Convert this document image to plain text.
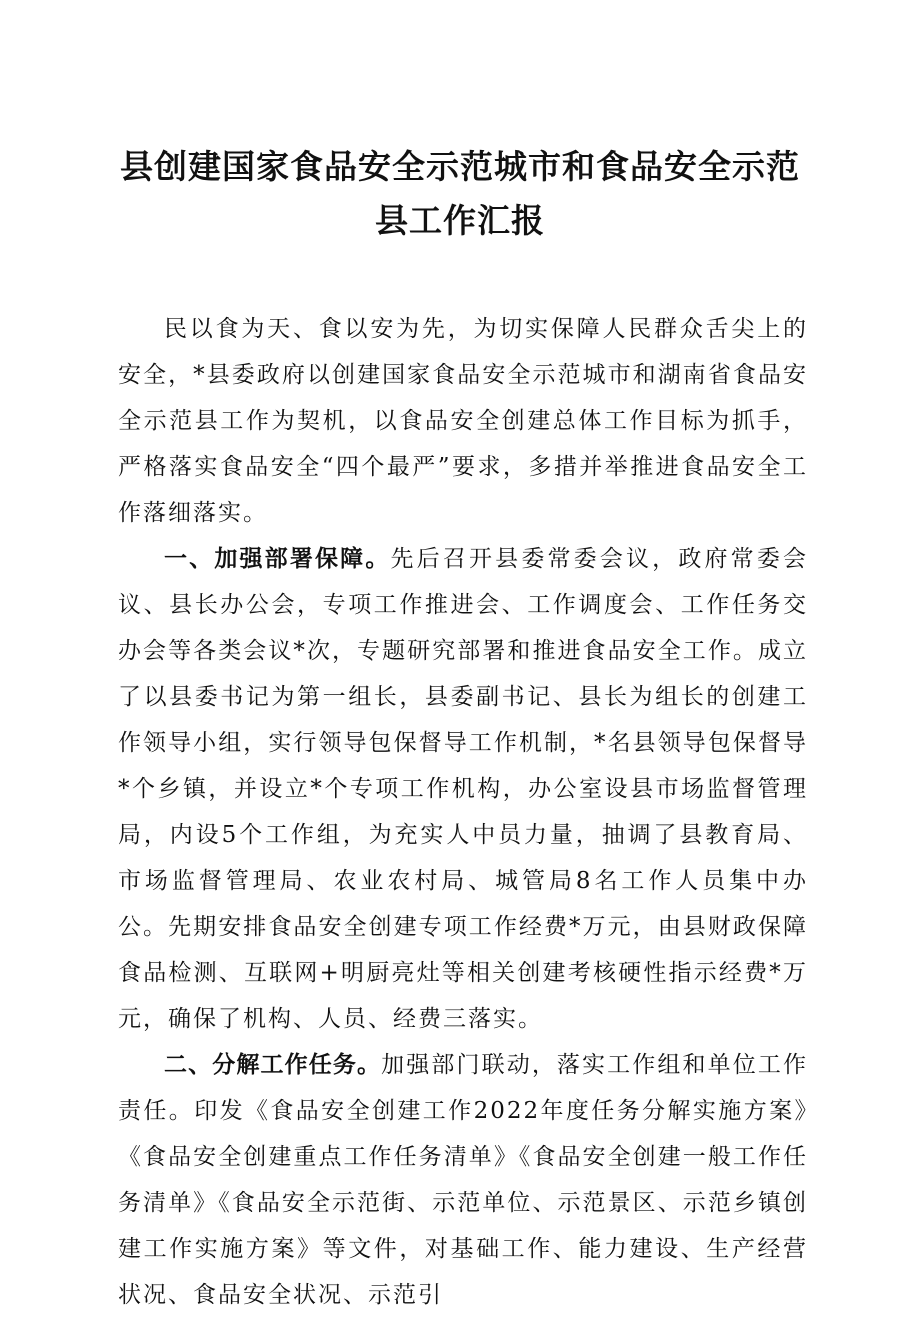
县创建国家食品安全示范城市和食品安全示范县工作汇报

民以食为天、食以安为先，为切实保障人民群众舌尖上的安全，*县委政府以创建国家食品安全示范城市和湖南省食品安全示范县工作为契机，以食品安全创建总体工作目标为抓手，严格落实食品安全“四个最严”要求，多措并举推进食品安全工作落细落实。

一、加强部署保障。先后召开县委常委会议，政府常委会议、县长办公会，专项工作推进会、工作调度会、工作任务交办会等各类会议*次，专题研究部署和推进食品安全工作。成立了以县委书记为第一组长，县委副书记、县长为组长的创建工作领导小组，实行领导包保督导工作机制，*名县领导包保督导*个乡镇，并设立*个专项工作机构，办公室设县市场监督管理局，内设5个工作组，为充实人中员力量，抽调了县教育局、市场监督管理局、农业农村局、城管局8名工作人员集中办公。先期安排食品安全创建专项工作经费*万元，由县财政保障食品检测、互联网+明厨亮灶等相关创建考核硬性指示经费*万元，确保了机构、人员、经费三落实。

二、分解工作任务。加强部门联动，落实工作组和单位工作责任。印发《食品安全创建工作2022年度任务分解实施方案》《食品安全创建重点工作任务清单》《食品安全创建一般工作任务清单》《食品安全示范街、示范单位、示范景区、示范乡镇创建工作实施方案》等文件，对基础工作、能力建设、生产经营状况、食品安全状况、示范引
